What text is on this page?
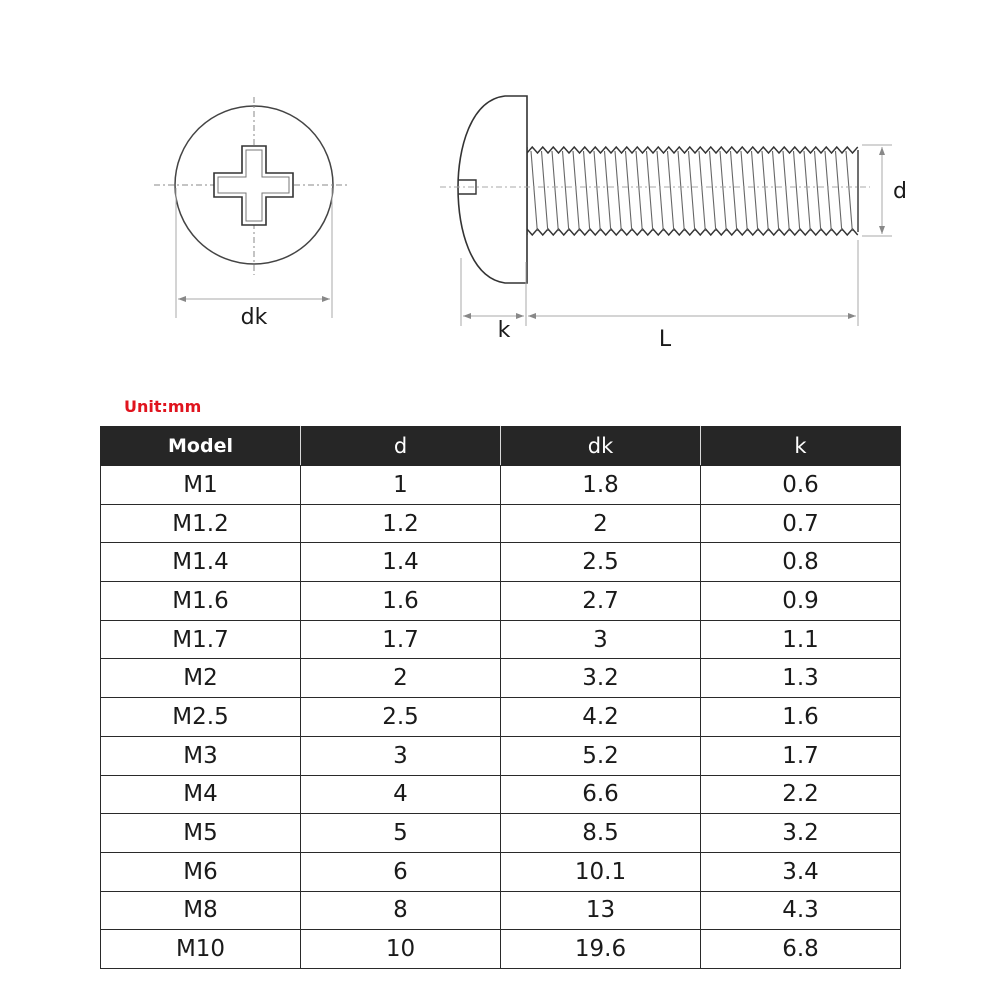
dk
k	L
d
Unit:mm
Model	d	dk	k
M1	1	1.8	0.6
M1.2	1.2	2	0.7
M1.4	1.4	2.5	0.8
M1.6	1.6	2.7	0.9
M1.7	1.7	3	1.1
M2	2	3.2	1.3
M2.5	2.5	4.2	1.6
M3	3	5.2	1.7
M4	4	6.6	2.2
M5	5	8.5	3.2
M6	6	10.1	3.4
M8	8	13	4.3
M10	10	19.6	6.8
